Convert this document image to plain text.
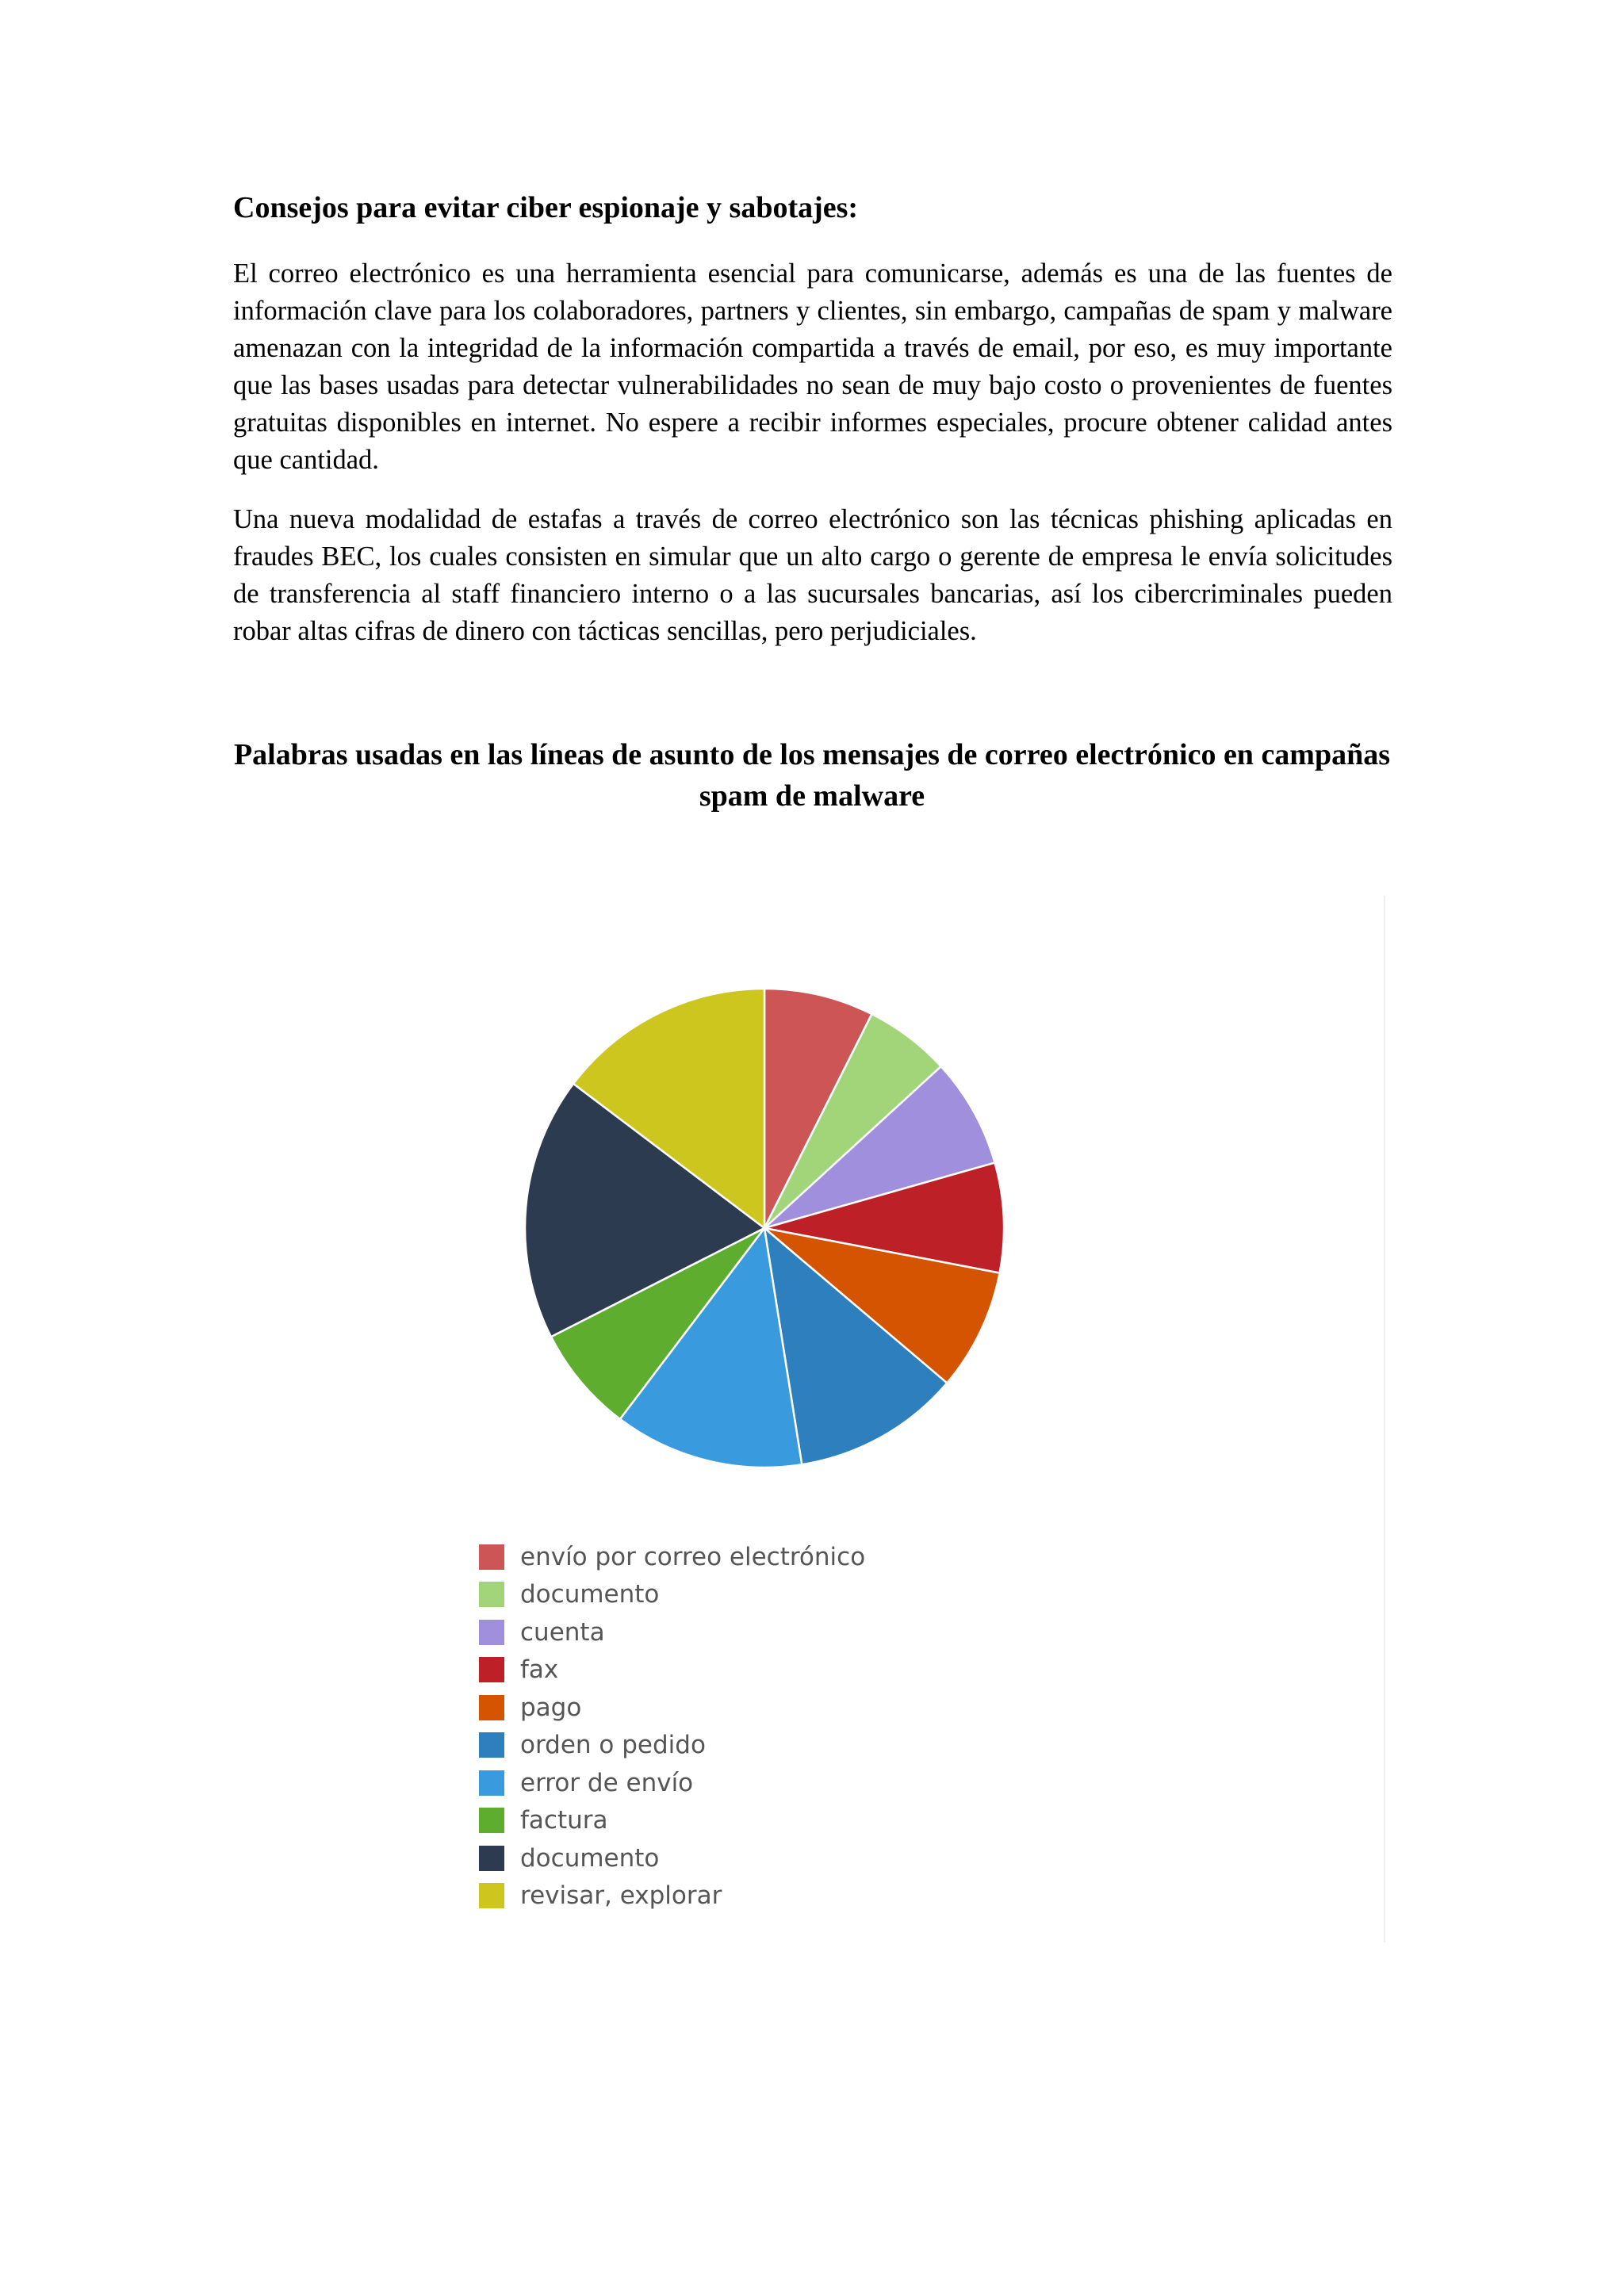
Consejos para evitar ciber espionaje y sabotajes:

El correo electrónico es una herramienta esencial para comunicarse, además es una de las fuentes de información clave para los colaboradores, partners y clientes, sin embargo, campañas de spam y malware amenazan con la integridad de la información compartida a través de email, por eso, es muy importante que las bases usadas para detectar vulnerabilidades no sean de muy bajo costo o provenientes de fuentes gratuitas disponibles en internet. No espere a recibir informes especiales, procure obtener calidad antes que cantidad.

Una nueva modalidad de estafas a través de correo electrónico son las técnicas phishing aplicadas en fraudes BEC, los cuales consisten en simular que un alto cargo o gerente de empresa le envía solicitudes de transferencia al staff financiero interno o a las sucursales bancarias, así los cibercriminales pueden robar altas cifras de dinero con tácticas sencillas, pero perjudiciales.

Palabras usadas en las líneas de asunto de los mensajes de correo electrónico en campañas spam de malware
envío por correo electrónico
documento
cuenta
fax
pago
orden o pedido
error de envío
factura
documento
revisar, explorar
